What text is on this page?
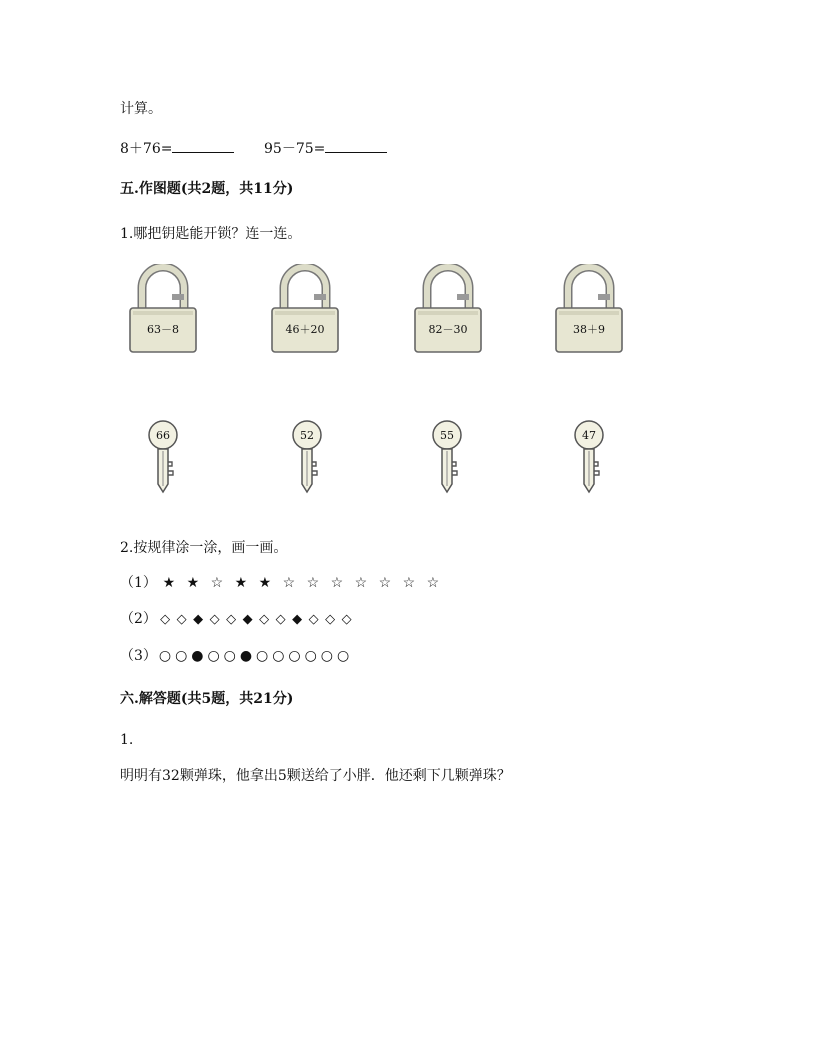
计算。
8＋76=	95－75=
五.作图题(共2题，共11分)
1.哪把钥匙能开锁？连一连。
63－8	46＋20	82－30	38＋9
66	52	55	47
2.按规律涂一涂，画一画。
（1） ★ ★ ☆ ★ ★ ☆ ☆ ☆ ☆ ☆ ☆ ☆
（2） ◇ ◇ ◆ ◇ ◇ ◆ ◇ ◇ ◆ ◇ ◇ ◇
（3） ○ ○ ● ○ ○ ● ○ ○ ○ ○ ○ ○
六.解答题(共5题，共21分)
1.
明明有32颗弹珠，他拿出5颗送给了小胖．他还剩下几颗弹珠？
